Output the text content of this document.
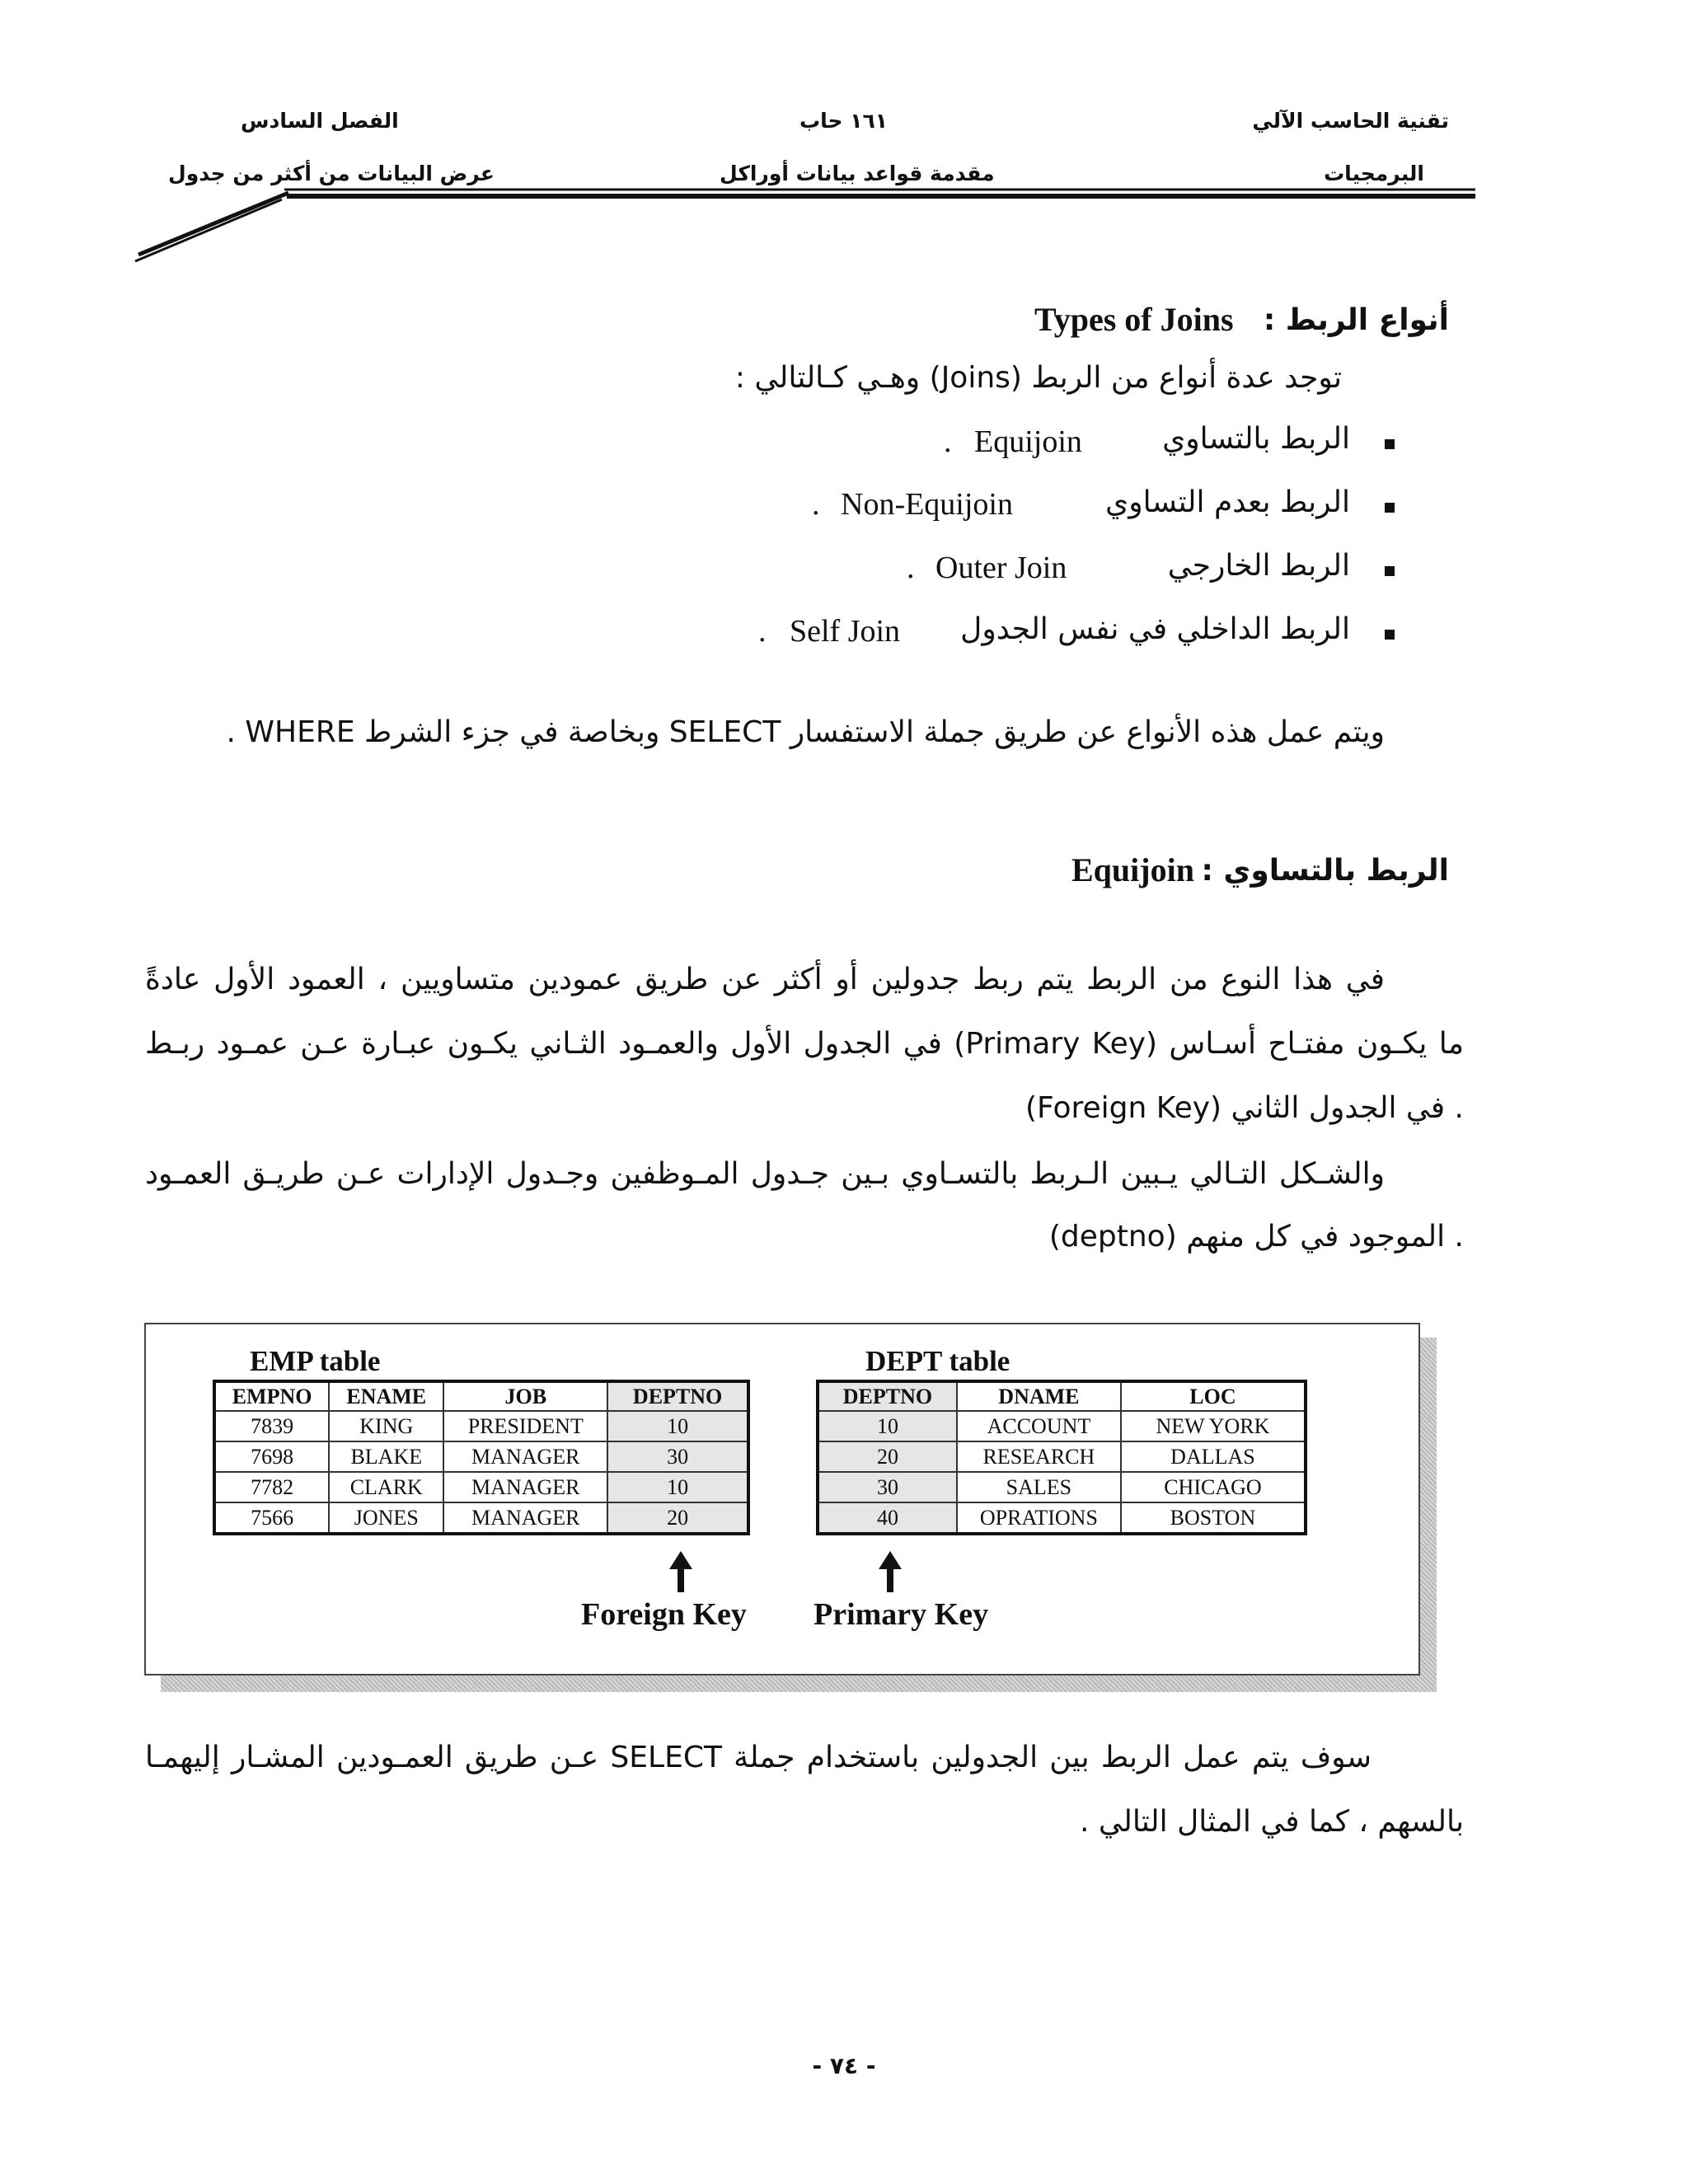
تقنية الحاسب الآلي
١٦١ حاب
الفصل السادس
البرمجيات
مقدمة قواعد بيانات أوراكل
عرض البيانات من أكثر من جدول
أنواع الربط :
Types of Joins
توجد عدة أنواع من الربط (Joins) وهـي كـالتالي :
الربط بالتساوي
Equijoin
.
الربط بعدم التساوي
Non-Equijoin
.
الربط الخارجي
Outer Join
.
الربط الداخلي في نفس الجدول
Self Join
.
ويتم عمل هذه الأنواع عن طريق جملة الاستفسار SELECT وبخاصة في جزء الشرط WHERE .
الربط بالتساوي :
Equijoin
في هذا النوع من الربط يتم ربط جدولين أو أكثر عن طريق عمودين متساويين ، العمود الأول عادةً
ما يكـون مفتـاح أسـاس (Primary Key) في الجدول الأول والعمـود الثـاني يكـون عبـارة عـن عمـود ربـط
(Foreign Key) في الجدول الثاني .
والشـكل التـالي يـبين الـربط بالتسـاوي بـين جـدول المـوظفين وجـدول الإدارات عـن طريـق العمـود
(deptno) الموجود في كل منهم .
EMP table	DEPT table
EMPNO	ENAME	JOB	DEPTNO
7839	KING	PRESIDENT	10
7698	BLAKE	MANAGER	30
7782	CLARK	MANAGER	10
7566	JONES	MANAGER	20
DEPTNO	DNAME	LOC
10	ACCOUNT	NEW YORK
20	RESEARCH	DALLAS
30	SALES	CHICAGO
40	OPRATIONS	BOSTON
Foreign Key Primary Key
سوف يتم عمل الربط بين الجدولين باستخدام جملة SELECT عـن طريق العمـودين المشـار إليهمـا
بالسهم ، كما في المثال التالي .
- ٧٤ -
